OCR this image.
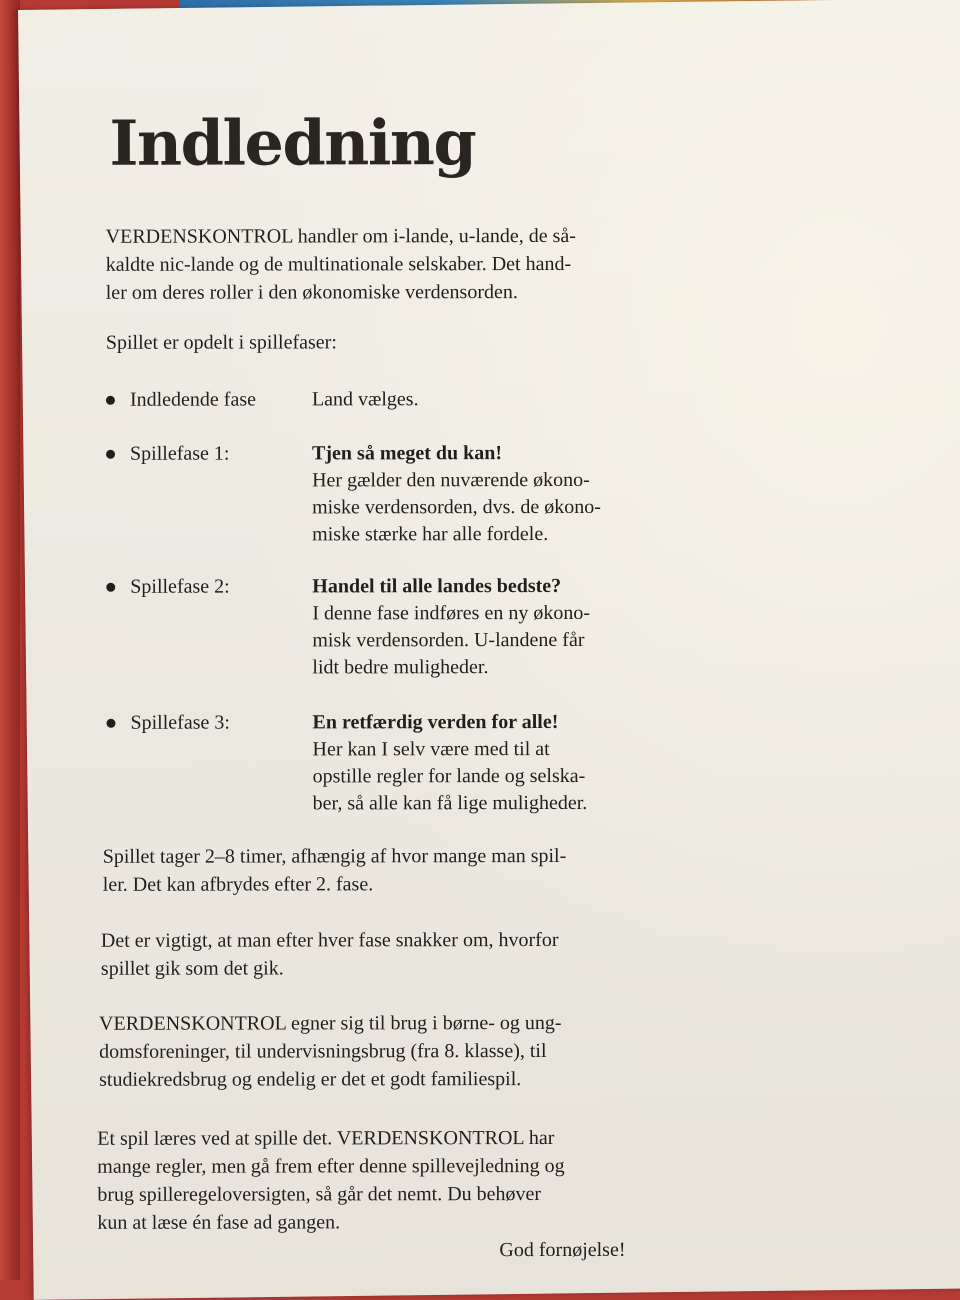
Indledning

VERDENSKONTROL handler om i-lande, u-lande, de så-
kaldte nic-lande og de multinationale selskaber. Det hand-
ler om deres roller i den økonomiske verdensorden.

Spillet er opdelt i spillefaser:

Indledende fase	Land vælges.
Spillefase 1:	Tjen så meget du kan!
Her gælder den nuværende økono-
miske verdensorden, dvs. de økono-
miske stærke har alle fordele.
Spillefase 2:	Handel til alle landes bedste?
I denne fase indføres en ny økono-
misk verdensorden. U-landene får
lidt bedre muligheder.
Spillefase 3:	En retfærdig verden for alle!
Her kan I selv være med til at
opstille regler for lande og selska-
ber, så alle kan få lige muligheder.

Spillet tager 2–8 timer, afhængig af hvor mange man spil-
ler. Det kan afbrydes efter 2. fase.

Det er vigtigt, at man efter hver fase snakker om, hvorfor
spillet gik som det gik.

VERDENSKONTROL egner sig til brug i børne- og ung-
domsforeninger, til undervisningsbrug (fra 8. klasse), til
studiekredsbrug og endelig er det et godt familiespil.

Et spil læres ved at spille det. VERDENSKONTROL har
mange regler, men gå frem efter denne spillevejledning og
brug spilleregeloversigten, så går det nemt. Du behøver
kun at læse én fase ad gangen.

God fornøjelse!
